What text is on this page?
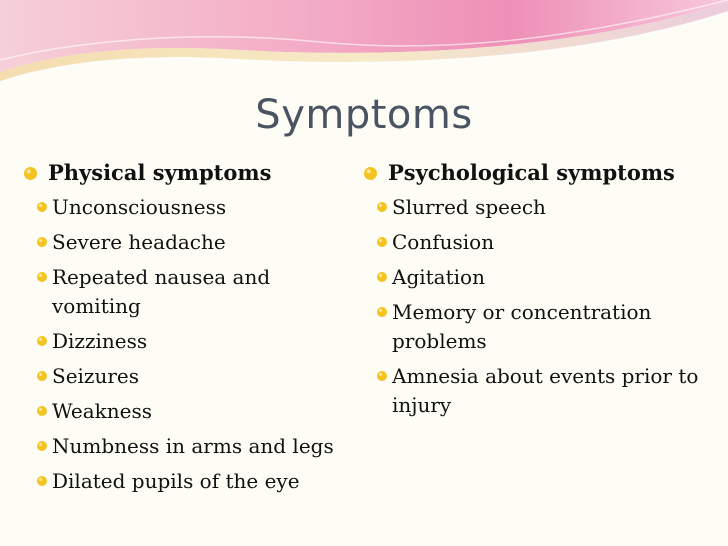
Symptoms
Physical symptoms
Unconsciousness
Severe headache
Repeated nausea and vomiting
Dizziness
Seizures
Weakness
Numbness in arms and legs
Dilated pupils of the eye
Psychological symptoms
Slurred speech
Confusion
Agitation
Memory or concentration problems
Amnesia about events prior to injury
